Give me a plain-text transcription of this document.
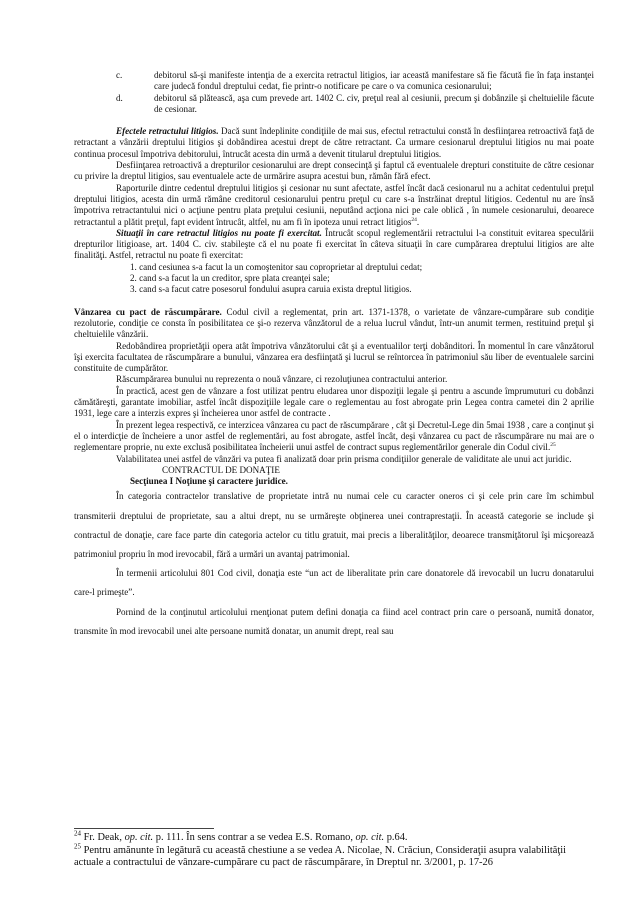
c.	debitorul să-şi manifeste intenţia de a exercita retractul litigios, iar această manifestare să fie făcută fie în faţa instanţei care judecă fondul dreptului cedat, fie printr-o notificare pe care o va comunica cesionarului;

d.	debitorul să plătească, aşa cum prevede art. 1402 C. civ, preţul real al cesiunii, precum şi dobânzile şi cheltuielile făcute de cesionar.

Efectele retractului litigios. Dacă sunt îndeplinite condiţiile de mai sus, efectul retractului constă în desfiinţarea retroactivă faţă de retractant a vânzării dreptului litigios şi dobândirea acestui drept de către retractant. Ca urmare cesionarul dreptului litigios nu mai poate continua procesul împotriva debitorului, întrucât acesta din urmă a devenit titularul dreptului litigios.

Desfiinţarea retroactivă a drepturilor cesionarului are drept consecinţă şi faptul că eventualele drepturi constituite de către cesionar cu privire la dreptul litigios, sau eventualele acte de urmărire asupra acestui bun, rămân fără efect.

Raporturile dintre cedentul dreptului litigios şi cesionar nu sunt afectate, astfel încât dacă cesionarul nu a achitat cedentului preţul dreptului litigios, acesta din urmă rămâne creditorul cesionarului pentru preţul cu care s-a înstrăinat dreptul litigios. Cedentul nu are însă împotriva retractantului nici o acţiune pentru plata preţului cesiunii, neputând acţiona nici pe cale oblică , în numele cesionarului, deoarece retractantul a plătit preţul, fapt evident întrucât, altfel, nu am fi în ipoteza unui retract litigios$^{24}$.

Situaţii în care retractul litigios nu poate fi exercitat. Întrucât scopul reglementării retractului l-a constituit evitarea speculării drepturilor litigioase, art. 1404 C. civ. stabileşte că el nu poate fi exercitat în câteva situaţii în care cumpărarea dreptului litigios are alte finalităţi. Astfel, retractul nu poate fi exercitat:

1. cand cesiunea s-a facut la un comoştenitor sau coproprietar al dreptului cedat;

2. cand s-a facut la un creditor, spre plata creanţei sale;

3. cand s-a facut catre posesorul fondului asupra caruia exista dreptul litigios.

Vânzarea cu pact de răscumpărare. Codul civil a reglementat, prin art. 1371-1378, o varietate de vânzare-cumpărare sub condiţie rezolutorie, condiţie ce consta în posibilitatea ce şi-o rezerva vânzătorul de a relua lucrul vândut, într-un anumit termen, restituind preţul şi cheltuielile vânzării.

Redobândirea proprietăţii opera atât împotriva vânzătorului cât şi a eventualilor terţi dobânditori. În momentul în care vânzătorul îşi exercita facultatea de răscumpărare a bunului, vânzarea era desfiinţată şi lucrul se reîntorcea în patrimoniul său liber de eventualele sarcini constituite de cumpărător.

Răscumpărarea bunului nu reprezenta o nouă vânzare, ci rezoluţiunea contractului anterior.

În practică, acest gen de vânzare a fost utilizat pentru eludarea unor dispoziţii legale şi pentru a ascunde împrumuturi cu dobânzi cămătăreşti, garantate imobiliar, astfel încât dispoziţiile legale care o reglementau au fost abrogate prin Legea contra cametei din 2 aprilie 1931, lege care a interzis expres şi încheierea unor astfel de contracte .

În prezent legea respectivă, ce interzicea vânzarea cu pact de răscumpărare , cât şi Decretul-Lege din 5mai 1938 , care a conţinut şi el o interdicţie de încheiere a unor astfel de reglementări, au fost abrogate, astfel încât, deşi vânzarea cu pact de răscumpărare nu mai are o reglementare proprie, nu exte exclusă posibilitatea încheierii unui astfel de contract supus reglementărilor generale din Codul civil.$^{25}$

Valabilitatea unei astfel de vânzări va putea fi analizată doar prin prisma condiţiilor generale de validitate ale unui act juridic.

CONTRACTUL DE DONAŢIE

Secţiunea I Noţiune şi caractere juridice.

În categoria contractelor translative de proprietate intră nu numai cele cu caracter oneros ci şi cele prin care îm schimbul transmiterii dreptului de proprietate, sau a altui drept, nu se urmăreşte obţinerea unei contraprestaţii. În această categorie se include şi contractul de donaţie, care face parte din categoria actelor cu titlu gratuit, mai precis a liberalităţilor, deoarece transmiţătorul îşi micşorează patrimoniul propriu în mod irevocabil, fără a urmări un avantaj patrimonial.

În termenii articolului 801 Cod civil, donaţia este “un act de liberalitate prin care donatorele dă irevocabil un lucru donatarului care-l primeşte”.

Pornind de la conţinutul articolului rnenţionat putem defini donaţia ca fiind acel contract prin care o persoană, numită donator, transmite în mod irevocabil unei alte persoane numită donatar, un anumit drept, real sau

$^{24}$ Fr. Deak, op. cit. p. 111. În sens contrar a se vedea E.S. Romano, op. cit. p.64.

$^{25}$ Pentru amănunte în legătură cu această chestiune a se vedea A. Nicolae, N. Crăciun, Consideraţii asupra valabilităţii actuale a contractului de vânzare-cumpărare cu pact de răscumpărare, în Dreptul nr. 3/2001, p. 17-26
